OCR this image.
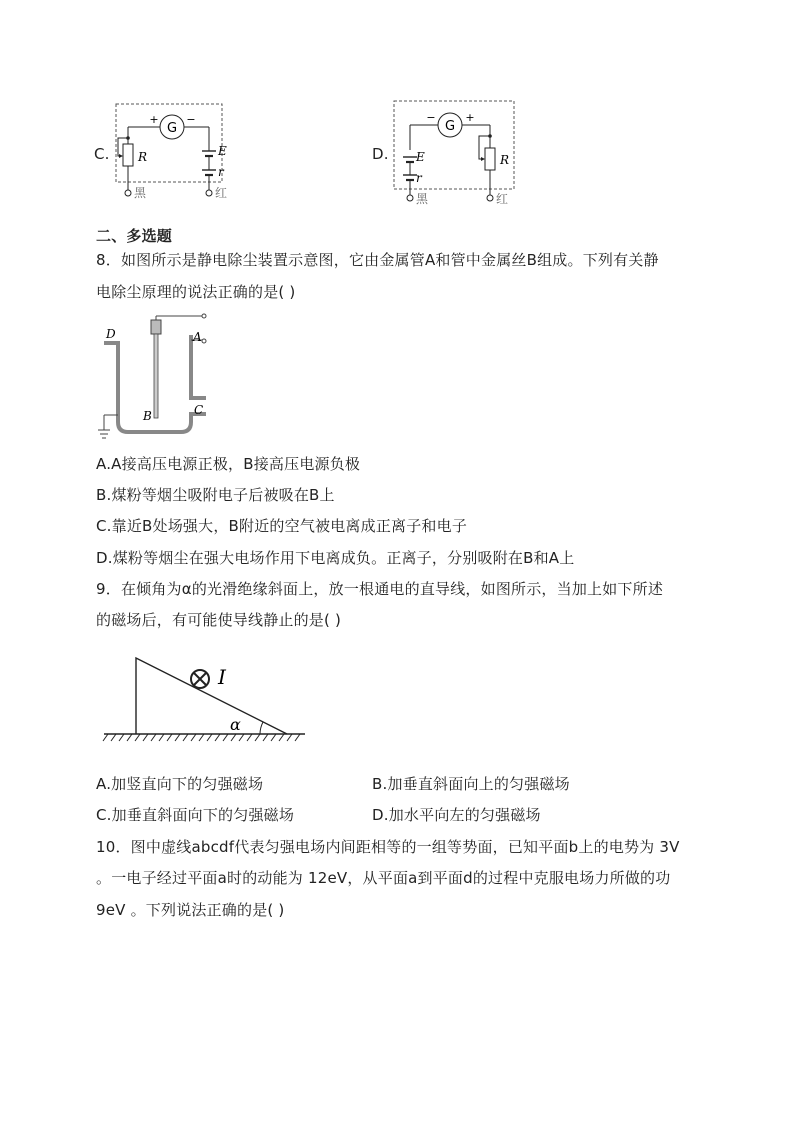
C.
G
+	−
R	E
r
黑	红
D.
G
−	+
R
E
r
黑	红
二、多选题
8．如图所示是静电除尘装置示意图，它由金属管A和管中金属丝B组成。下列有关静
电除尘原理的说法正确的是( )
D	A
B	C
A.A接高压电源正极，B接高压电源负极
B.煤粉等烟尘吸附电子后被吸在B上
C.靠近B处场强大，B附近的空气被电离成正离子和电子
D.煤粉等烟尘在强大电场作用下电离成负。正离子，分别吸附在B和A上
9．在倾角为α的光滑绝缘斜面上，放一根通电的直导线，如图所示，当加上如下所述
的磁场后，有可能使导线静止的是( )
I
α
A.加竖直向下的匀强磁场	B.加垂直斜面向上的匀强磁场
C.加垂直斜面向下的匀强磁场	D.加水平向左的匀强磁场
10．图中虚线abcdf代表匀强电场内间距相等的一组等势面，已知平面b上的电势为 3V
。一电子经过平面a时的动能为 12eV，从平面a到平面d的过程中克服电场力所做的功
9eV 。下列说法正确的是( )
